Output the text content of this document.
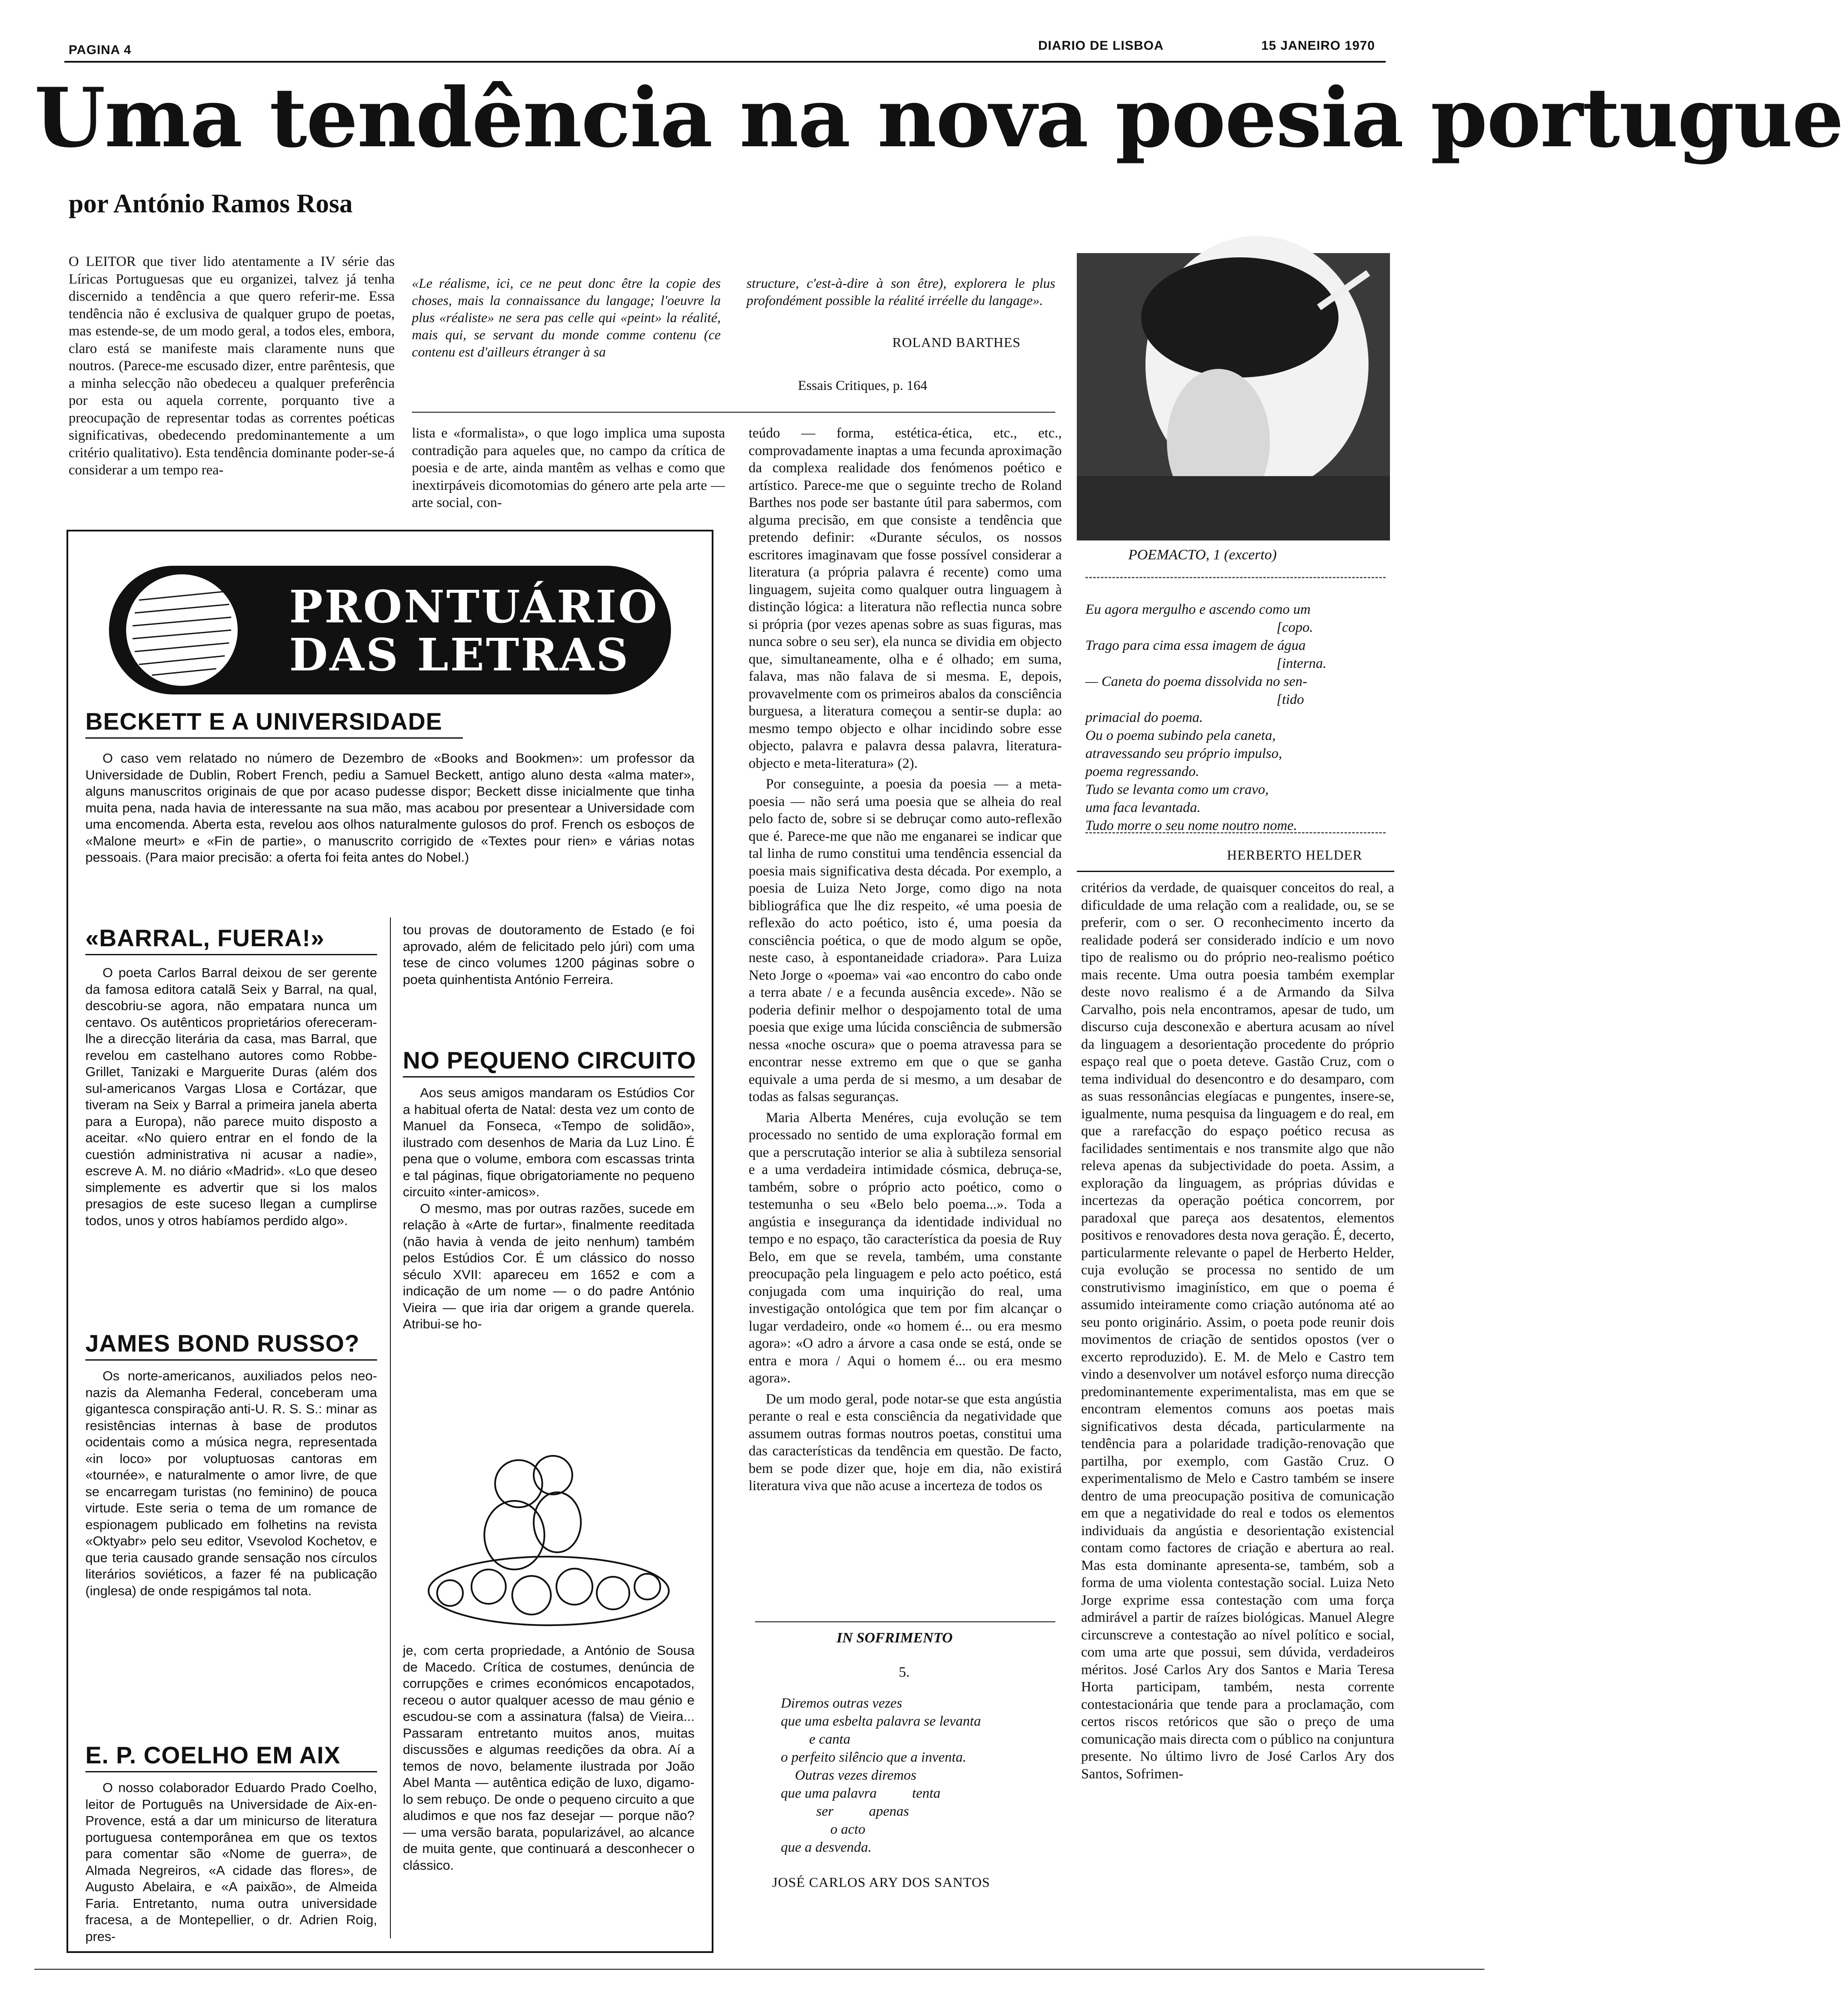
PAGINA 4	DIARIO DE LISBOA	15 JANEIRO 1970
Uma tendência na nova poesia portugue
por António Ramos Rosa

O LEITOR que tiver lido atentamente a IV série das Líricas Portuguesas que eu organizei, talvez já tenha discernido a tendência a que quero referir-me. Essa tendência não é exclusiva de qualquer grupo de poetas, mas estende-se, de um modo geral, a todos eles, embora, claro está se manifeste mais claramente nuns que noutros. (Parece-me escusado dizer, entre parêntesis, que a minha selecção não obedeceu a qualquer preferência por esta ou aquela corrente, porquanto tive a preocupação de representar todas as correntes poéticas significativas, obedecendo predominantemente a um critério qualitativo). Esta tendência dominante poder-se-á considerar a um tempo rea-

«Le réalisme, ici, ce ne peut donc être la copie des choses, mais la connaissance du langage; l'oeuvre la plus «réaliste» ne sera pas celle qui «peint» la réalité, mais qui, se servant du monde comme contenu (ce contenu est d'ailleurs étranger à sa
structure, c'est-à-dire à son être), explorera le plus profondément possible la réalité irréelle du langage».
ROLAND BARTHES
Essais Critiques, p. 164

lista e «formalista», o que logo implica uma suposta contradição para aqueles que, no campo da crítica de poesia e de arte, ainda mantêm as velhas e como que inextirpáveis dicomotomias do género arte pela arte — arte social, con-

teúdo — forma, estética-ética, etc., etc., comprovadamente inaptas a uma fecunda aproximação da complexa realidade dos fenómenos poético e artístico. Parece-me que o seguinte trecho de Roland Barthes nos pode ser bastante útil para sabermos, com alguma precisão, em que consiste a tendência que pretendo definir: «Durante séculos, os nossos escritores imaginavam que fosse possível considerar a literatura (a própria palavra é recente) como uma linguagem, sujeita como qualquer outra linguagem à distinção lógica: a literatura não reflectia nunca sobre si própria (por vezes apenas sobre as suas figuras, mas nunca sobre o seu ser), ela nunca se dividia em objecto que, simultaneamente, olha e é olhado; em suma, falava, mas não falava de si mesma. E, depois, provavelmente com os primeiros abalos da consciência burguesa, a literatura começou a sentir-se dupla: ao mesmo tempo objecto e olhar incidindo sobre esse objecto, palavra e palavra dessa palavra, literatura-objecto e meta-literatura» (2).

Por conseguinte, a poesia da poesia — a meta-poesia — não será uma poesia que se alheia do real pelo facto de, sobre si se debruçar como auto-reflexão que é. Parece-me que não me enganarei se indicar que tal linha de rumo constitui uma tendência essencial da poesia mais significativa desta década. Por exemplo, a poesia de Luiza Neto Jorge, como digo na nota bibliográfica que lhe diz respeito, «é uma poesia de reflexão do acto poético, isto é, uma poesia da consciência poética, o que de modo algum se opõe, neste caso, à espontaneidade criadora». Para Luiza Neto Jorge o «poema» vai «ao encontro do cabo onde a terra abate / e a fecunda ausência excede». Não se poderia definir melhor o despojamento total de uma poesia que exige uma lúcida consciência de submersão nessa «noche oscura» que o poema atravessa para se encontrar nesse extremo em que o que se ganha equivale a uma perda de si mesmo, a um desabar de todas as falsas seguranças.

Maria Alberta Menéres, cuja evolução se tem processado no sentido de uma exploração formal em que a perscrutação interior se alia à subtileza sensorial e a uma verdadeira intimidade cósmica, debruça-se, também, sobre o próprio acto poético, como o testemunha o seu «Belo belo poema...». Toda a angústia e insegurança da identidade individual no tempo e no espaço, tão característica da poesia de Ruy Belo, em que se revela, também, uma constante preocupação pela linguagem e pelo acto poético, está conjugada com uma inquirição do real, uma investigação ontológica que tem por fim alcançar o lugar verdadeiro, onde «o homem é... ou era mesmo agora»: «O adro a árvore a casa onde se está, onde se entra e mora / Aqui o homem é... ou era mesmo agora».

De um modo geral, pode notar-se que esta angústia perante o real e esta consciência da negatividade que assumem outras formas noutros poetas, constitui uma das características da tendência em questão. De facto, bem se pode dizer que, hoje em dia, não existirá literatura viva que não acuse a incerteza de todos os

POEMACTO, 1 (excerto)
Eu agora mergulho e ascendo como um
[copo.
Trago para cima essa imagem de água
[interna.
— Caneta do poema dissolvida no sen-
[tido
primacial do poema.
Ou o poema subindo pela caneta,
atravessando seu próprio impulso,
poema regressando.
Tudo se levanta como um cravo,
uma faca levantada.
Tudo morre o seu nome noutro nome.
HERBERTO HELDER

critérios da verdade, de quaisquer conceitos do real, a dificuldade de uma relação com a realidade, ou, se se preferir, com o ser. O reconhecimento incerto da realidade poderá ser considerado indício e um novo tipo de realismo ou do próprio neo-realismo poético mais recente. Uma outra poesia também exemplar deste novo realismo é a de Armando da Silva Carvalho, pois nela encontramos, apesar de tudo, um discurso cuja desconexão e abertura acusam ao nível da linguagem a desorientação procedente do próprio espaço real que o poeta deteve. Gastão Cruz, com o tema individual do desencontro e do desamparo, com as suas ressonâncias elegíacas e pungentes, insere-se, igualmente, numa pesquisa da linguagem e do real, em que a rarefacção do espaço poético recusa as facilidades sentimentais e nos transmite algo que não releva apenas da subjectividade do poeta. Assim, a exploração da linguagem, as próprias dúvidas e incertezas da operação poética concorrem, por paradoxal que pareça aos desatentos, elementos positivos e renovadores desta nova geração. É, decerto, particularmente relevante o papel de Herberto Helder, cuja evolução se processa no sentido de um construtivismo imaginístico, em que o poema é assumido inteiramente como criação autónoma até ao seu ponto originário. Assim, o poeta pode reunir dois movimentos de criação de sentidos opostos (ver o excerto reproduzido). E. M. de Melo e Castro tem vindo a desenvolver um notável esforço numa direcção predominantemente experimentalista, mas em que se encontram elementos comuns aos poetas mais significativos desta década, particularmente na tendência para a polaridade tradição-renovação que partilha, por exemplo, com Gastão Cruz. O experimentalismo de Melo e Castro também se insere dentro de uma preocupação positiva de comunicação em que a negatividade do real e todos os elementos individuais da angústia e desorientação existencial contam como factores de criação e abertura ao real. Mas esta dominante apresenta-se, também, sob a forma de uma violenta contestação social. Luiza Neto Jorge exprime essa contestação com uma força admirável a partir de raízes biológicas. Manuel Alegre circunscreve a contestação ao nível político e social, com uma arte que possui, sem dúvida, verdadeiros méritos. José Carlos Ary dos Santos e Maria Teresa Horta participam, também, nesta corrente contestacionária que tende para a proclamação, com certos riscos retóricos que são o preço de uma comunicação mais directa com o público na conjuntura presente. No último livro de José Carlos Ary dos Santos, Sofrimen-

IN SOFRIMENTO
5.
Diremos outras vezes
que uma esbelta palavra se levanta
e canta
o perfeito silêncio que a inventa.
Outras vezes diremos
que uma palavra          tenta
ser          apenas
o acto
que a desvenda.
JOSÉ CARLOS ARY DOS SANTOS
PRONTUÁRIO
DAS LETRAS
BECKETT E A UNIVERSIDADE

O caso vem relatado no número de Dezembro de «Books and Bookmen»: um professor da Universidade de Dublin, Robert French, pediu a Samuel Beckett, antigo aluno desta «alma mater», alguns manuscritos originais de que por acaso pudesse dispor; Beckett disse inicialmente que tinha muita pena, nada havia de interessante na sua mão, mas acabou por presentear a Universidade com uma encomenda. Aberta esta, revelou aos olhos naturalmente gulosos do prof. French os esboços de «Malone meurt» e «Fin de partie», o manuscrito corrigido de «Textes pour rien» e várias notas pessoais. (Para maior precisão: a oferta foi feita antes do Nobel.)

«BARRAL, FUERA!»

O poeta Carlos Barral deixou de ser gerente da famosa editora catalã Seix y Barral, na qual, descobriu-se agora, não empatara nunca um centavo. Os autênticos proprietários ofereceram-lhe a direcção literária da casa, mas Barral, que revelou em castelhano autores como Robbe-Grillet, Tanizaki e Marguerite Duras (além dos sul-americanos Vargas Llosa e Cortázar, que tiveram na Seix y Barral a primeira janela aberta para a Europa), não parece muito disposto a aceitar. «No quiero entrar en el fondo de la cuestión administrativa ni acusar a nadie», escreve A. M. no diário «Madrid». «Lo que deseo simplemente es advertir que si los malos presagios de este suceso llegan a cumplirse todos, unos y otros habíamos perdido algo».

JAMES BOND RUSSO?

Os norte-americanos, auxiliados pelos neo-nazis da Alemanha Federal, conceberam uma gigantesca conspiração anti-U. R. S. S.: minar as resistências internas à base de produtos ocidentais como a música negra, representada «in loco» por voluptuosas cantoras em «tournée», e naturalmente o amor livre, de que se encarregam turistas (no feminino) de pouca virtude. Este seria o tema de um romance de espionagem publicado em folhetins na revista «Oktyabr» pelo seu editor, Vsevolod Kochetov, e que teria causado grande sensação nos círculos literários soviéticos, a fazer fé na publicação (inglesa) de onde respigámos tal nota.

E. P. COELHO EM AIX

O nosso colaborador Eduardo Prado Coelho, leitor de Português na Universidade de Aix-en-Provence, está a dar um minicurso de literatura portuguesa contemporânea em que os textos para comentar são «Nome de guerra», de Almada Negreiros, «A cidade das flores», de Augusto Abelaira, e «A paixão», de Almeida Faria. Entretanto, numa outra universidade fracesa, a de Montepellier, o dr. Adrien Roig, pres-

tou provas de doutoramento de Estado (e foi aprovado, além de felicitado pelo júri) com uma tese de cinco volumes 1200 páginas sobre o poeta quinhentista António Ferreira.

NO PEQUENO CIRCUITO

Aos seus amigos mandaram os Estúdios Cor a habitual oferta de Natal: desta vez um conto de Manuel da Fonseca, «Tempo de solidão», ilustrado com desenhos de Maria da Luz Lino. É pena que o volume, embora com escassas trinta e tal páginas, fique obrigatoriamente no pequeno circuito «inter-amicos».

O mesmo, mas por outras razões, sucede em relação à «Arte de furtar», finalmente reeditada (não havia à venda de jeito nenhum) também pelos Estúdios Cor. É um clássico do nosso século XVII: apareceu em 1652 e com a indicação de um nome — o do padre António Vieira — que iria dar origem a grande querela. Atribui-se ho-

je, com certa propriedade, a António de Sousa de Macedo. Crítica de costumes, denúncia de corrupções e crimes económicos encapotados, receou o autor qualquer acesso de mau génio e escudou-se com a assinatura (falsa) de Vieira... Passaram entretanto muitos anos, muitas discussões e algumas reedições da obra. Aí a temos de novo, belamente ilustrada por João Abel Manta — autêntica edição de luxo, digamo-lo sem rebuço. De onde o pequeno circuito a que aludimos e que nos faz desejar — porque não? — uma versão barata, popularizável, ao alcance de muita gente, que continuará a desconhecer o clássico.
